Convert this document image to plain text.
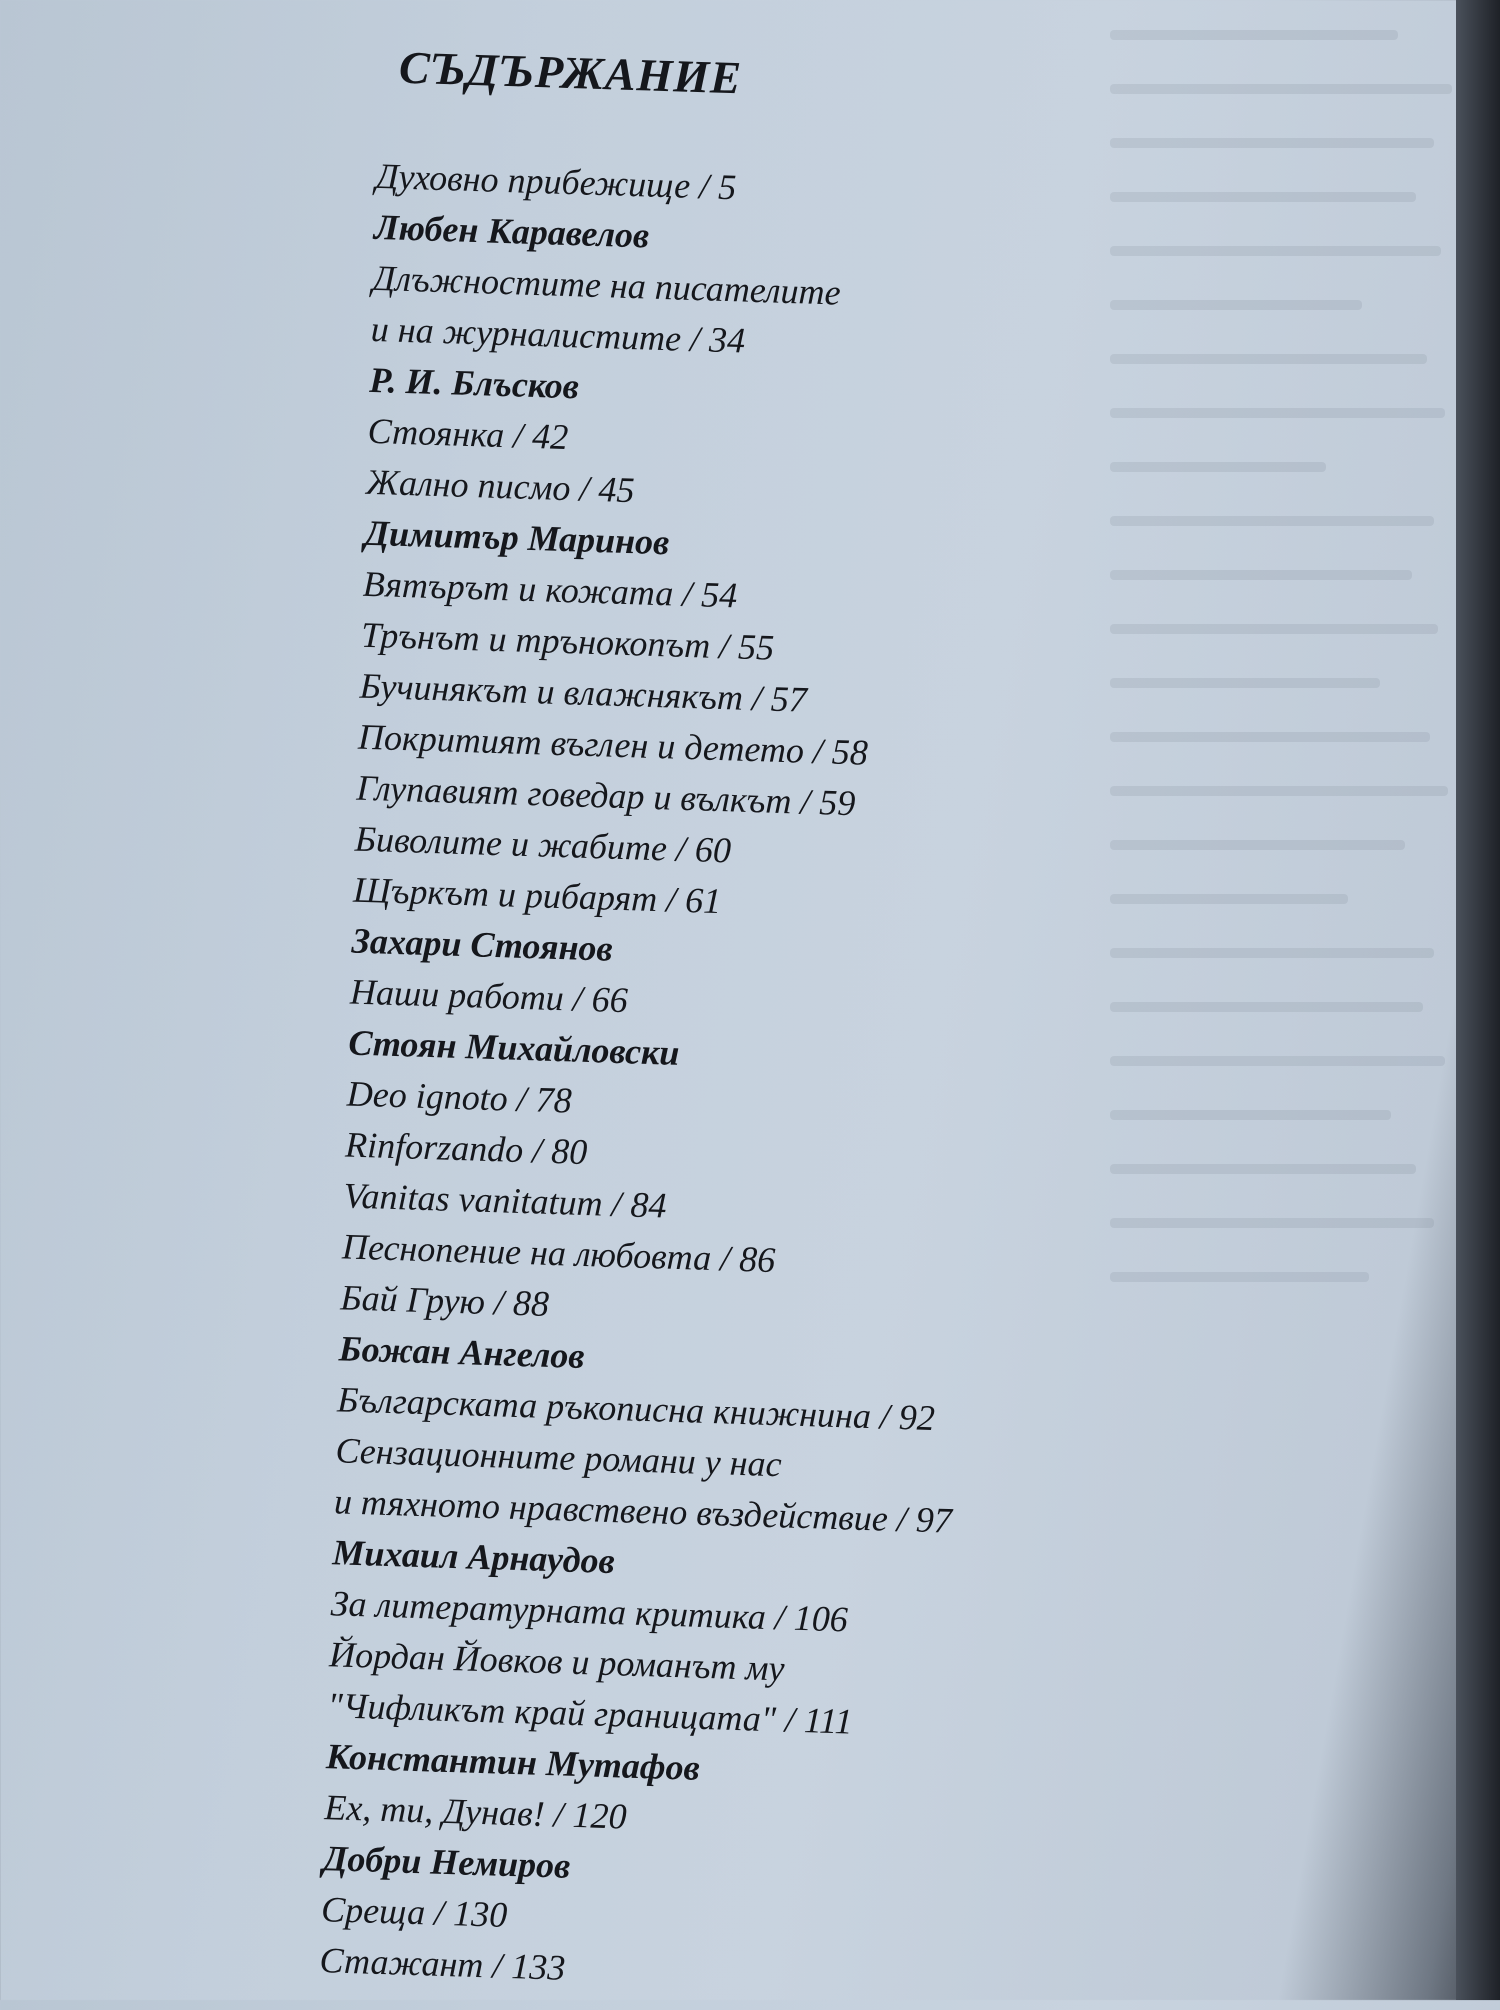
СЪДЪРЖАНИЕ
Духовно прибежище / 5
Любен Каравелов
Длъжностите на писателите
и на журналистите / 34
Р. И. Блъсков
Стоянка / 42
Жално писмо / 45
Димитър Маринов
Вятърът и кожата / 54
Трънът и трънокопът / 55
Бучинякът и влажнякът / 57
Покритият въглен и детето / 58
Глупавият говедар и вълкът / 59
Биволите и жабите / 60
Щъркът и рибарят / 61
Захари Стоянов
Наши работи / 66
Стоян Михайловски
Deo ignoto / 78
Rinforzando / 80
Vanitas vanitatum / 84
Песнопение на любовта / 86
Бай Грую / 88
Божан Ангелов
Българската ръкописна книжнина / 92
Сензационните романи у нас
и тяхното нравствено въздействие / 97
Михаил Арнаудов
За литературната критика / 106
Йордан Йовков и романът му
"Чифликът край границата" / 111
Константин Мутафов
Ех, ти, Дунав! / 120
Добри Немиров
Среща / 130
Стажант / 133
